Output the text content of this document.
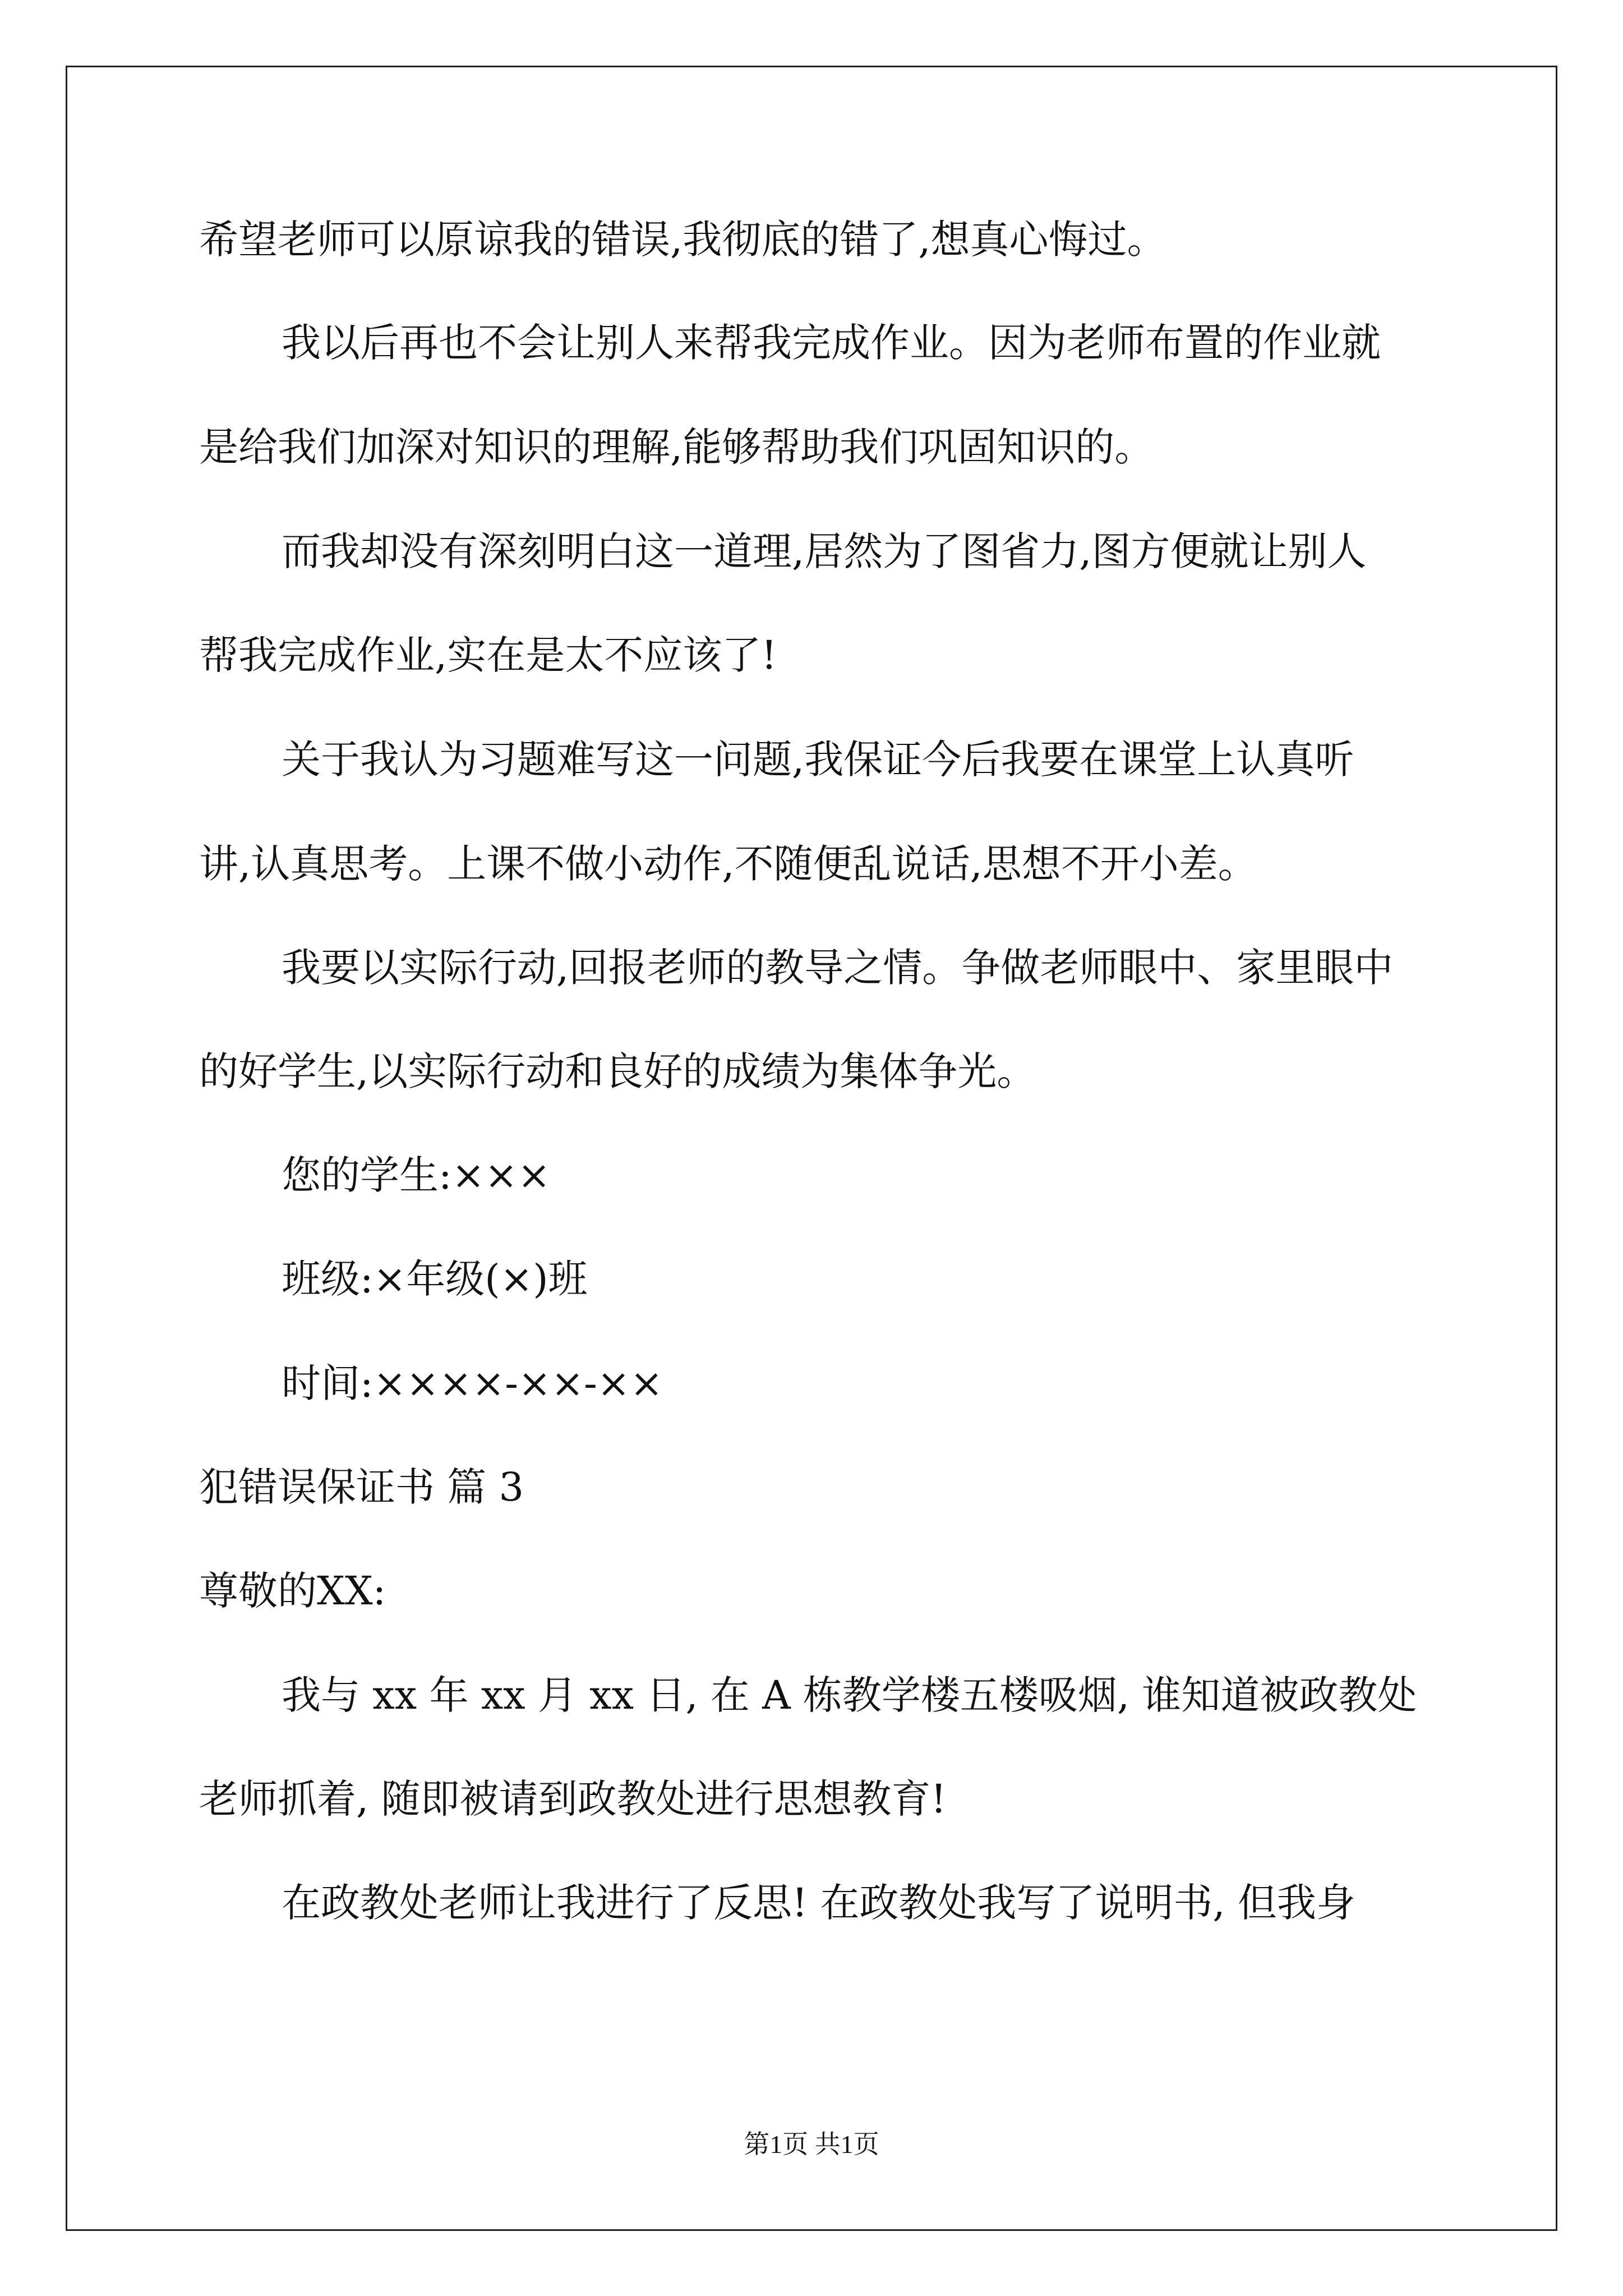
希望老师可以原谅我的错误,我彻底的错了,想真心悔过。
我以后再也不会让别人来帮我完成作业。因为老师布置的作业就
是给我们加深对知识的理解,能够帮助我们巩固知识的。
而我却没有深刻明白这一道理,居然为了图省力,图方便就让别人
帮我完成作业,实在是太不应该了!
关于我认为习题难写这一问题,我保证今后我要在课堂上认真听
讲,认真思考。上课不做小动作,不随便乱说话,思想不开小差。
我要以实际行动,回报老师的教导之情。争做老师眼中、家里眼中
的好学生,以实际行动和良好的成绩为集体争光。
您的学生:×××
班级:×年级(×)班
时间:××××-××-××
犯错误保证书 篇 3
尊敬的XX:
我与 xx 年 xx 月 xx 日, 在 A 栋教学楼五楼吸烟, 谁知道被政教处
老师抓着, 随即被请到政教处进行思想教育!
在政教处老师让我进行了反思! 在政教处我写了说明书, 但我身
第1页 共1页
